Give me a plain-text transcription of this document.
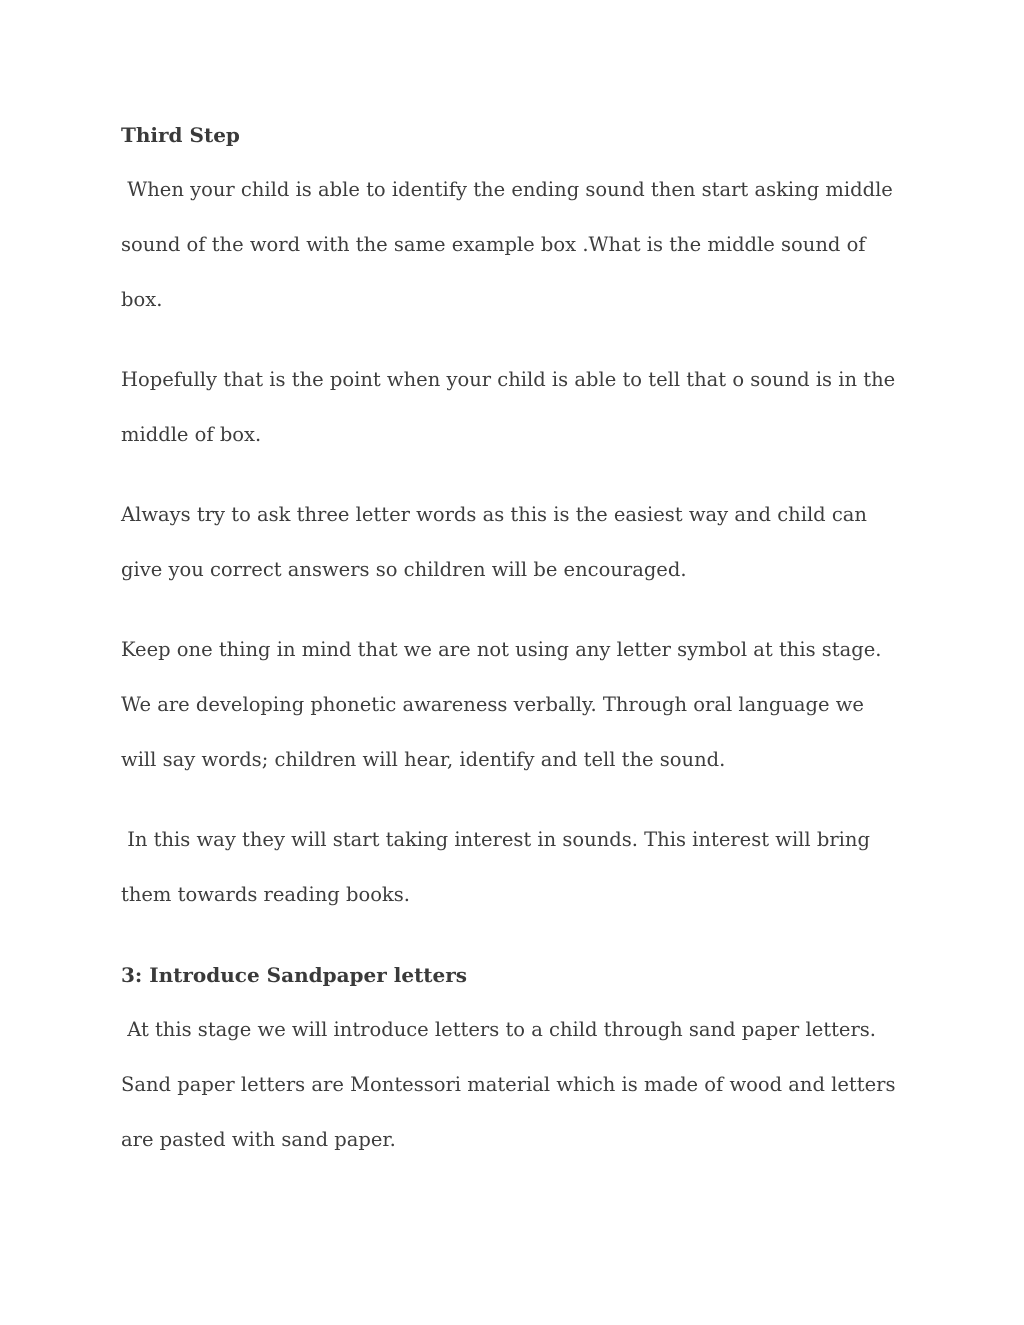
Third Step

When your child is able to identify the ending sound then start asking middle

sound of the word with the same example box .What is the middle sound of

box.

Hopefully that is the point when your child is able to tell that o sound is in the

middle of box.

Always try to ask three letter words as this is the easiest way and child can

give you correct answers so children will be encouraged.

Keep one thing in mind that we are not using any letter symbol at this stage.

We are developing phonetic awareness verbally. Through oral language we

will say words; children will hear, identify and tell the sound.

In this way they will start taking interest in sounds. This interest will bring

them towards reading books.

3: Introduce Sandpaper letters

At this stage we will introduce letters to a child through sand paper letters.

Sand paper letters are Montessori material which is made of wood and letters

are pasted with sand paper.
